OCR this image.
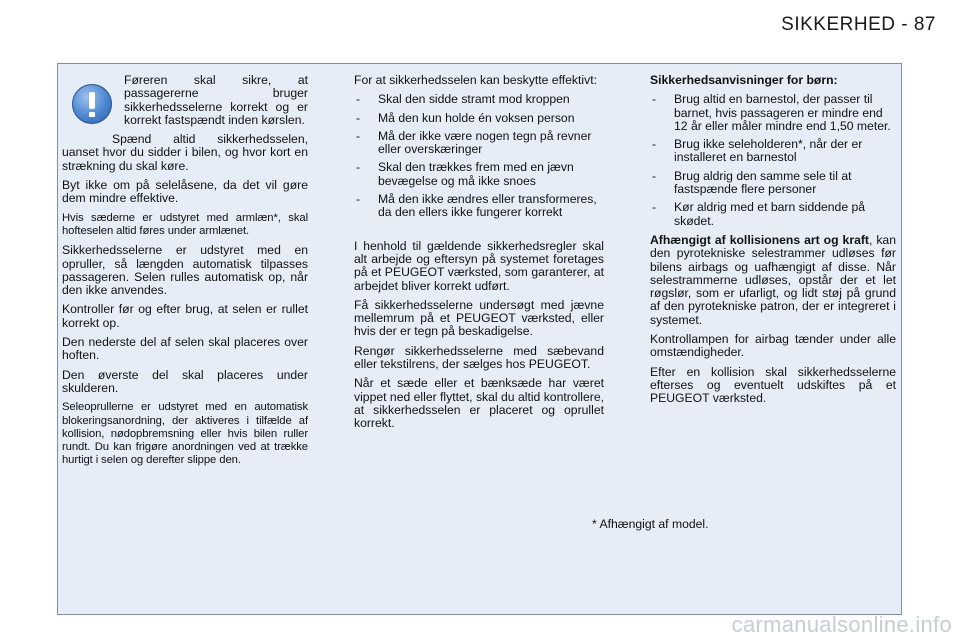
SIKKERHED - 87

Føreren skal sikre, at passagererne bruger sikkerhedsselerne korrekt og er korrekt fastspændt inden kørslen.

Spænd altid sikkerhedsselen, uanset hvor du sidder i bilen, og hvor kort en strækning du skal køre.

Byt ikke om på selelåsene, da det vil gøre dem mindre effektive.

Hvis sæderne er udstyret med armlæn*, skal hofteselen altid føres under armlænet.

Sikkerhedsselerne er udstyret med en opruller, så længden automatisk tilpasses passageren. Selen rulles automatisk op, når den ikke anvendes.

Kontroller før og efter brug, at selen er rullet korrekt op.

Den nederste del af selen skal placeres over hoften.

Den øverste del skal placeres under skulderen.

Seleoprullerne er udstyret med en automatisk blokeringsanordning, der aktiveres i tilfælde af kollision, nødopbremsning eller hvis bilen ruller rundt. Du kan frigøre anordningen ved at trække hurtigt i selen og derefter slippe den.

For at sikkerhedsselen kan beskytte effektivt:

- Skal den sidde stramt mod kroppen
- Må den kun holde én voksen person
- Må der ikke være nogen tegn på revner eller overskæringer
- Skal den trækkes frem med en jævn bevægelse og må ikke snoes
- Må den ikke ændres eller transformeres, da den ellers ikke fungerer korrekt

I henhold til gældende sikkerhedsregler skal alt arbejde og eftersyn på systemet foretages på et PEUGEOT værksted, som garanterer, at arbejdet bliver korrekt udført.

Få sikkerhedsselerne undersøgt med jævne mellemrum på et PEUGEOT værksted, eller hvis der er tegn på beskadigelse.

Rengør sikkerhedsselerne med sæbevand eller tekstilrens, der sælges hos PEUGEOT.

Når et sæde eller et bænksæde har været vippet ned eller flyttet, skal du altid kontrollere, at sikkerhedsselen er placeret og oprullet korrekt.

Sikkerhedsanvisninger for børn:

- Brug altid en barnestol, der passer til barnet, hvis passageren er mindre end 12 år eller måler mindre end 1,50 meter.
- Brug ikke seleholderen*, når der er installeret en barnestol
- Brug aldrig den samme sele til at fastspænde flere personer
- Kør aldrig med et barn siddende på skødet.

Afhængigt af kollisionens art og kraft, kan den pyrotekniske selestrammer udløses før bilens airbags og uafhængigt af disse. Når selestrammerne udløses, opstår der et let røgslør, som er ufarligt, og lidt støj på grund af den pyrotekniske patron, der er integreret i systemet.

Kontrollampen for airbag tænder under alle omstændigheder.

Efter en kollision skal sikkerhedsselerne efterses og eventuelt udskiftes på et PEUGEOT værksted.

* Afhængigt af model.
carmanualsonline.info
